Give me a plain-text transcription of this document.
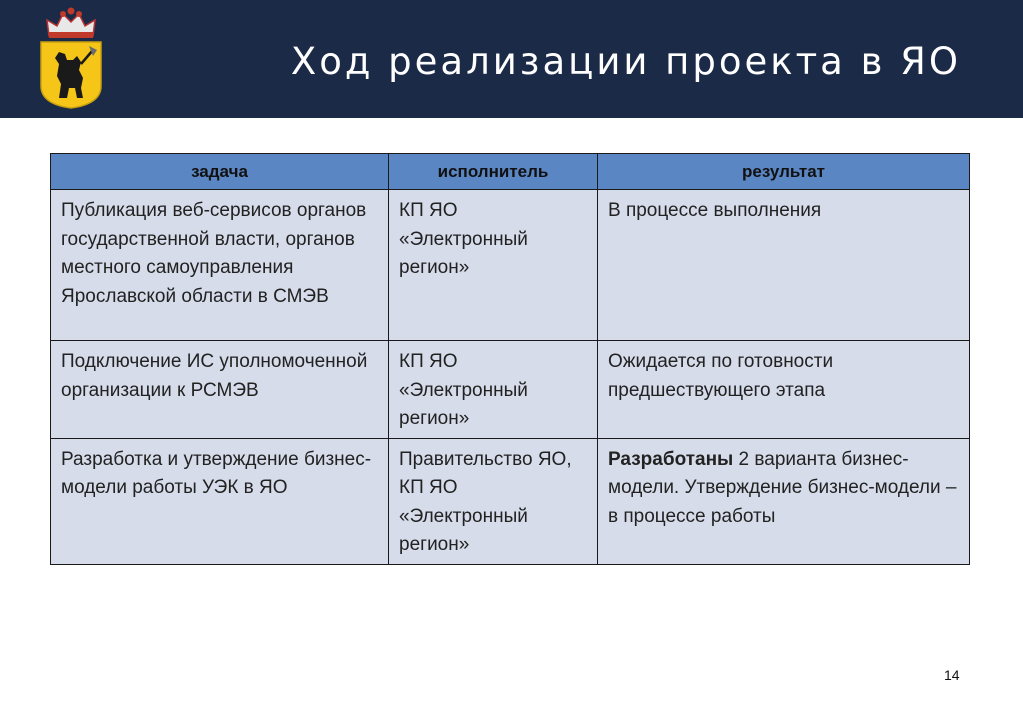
Ход реализации проекта в ЯО
задача	исполнитель	результат
Публикация веб-сервисов органов государственной власти, органов местного самоуправления Ярославской области в СМЭВ	КП ЯО «Электронный регион»	В процессе выполнения
Подключение ИС уполномоченной организации к РСМЭВ	КП ЯО «Электронный регион»	Ожидается по готовности предшествующего этапа
Разработка и утверждение бизнес-модели работы УЭК в ЯО	Правительство ЯО, КП ЯО «Электронный регион»	Разработаны 2 варианта бизнес-модели. Утверждение бизнес-модели – в процессе работы
14
